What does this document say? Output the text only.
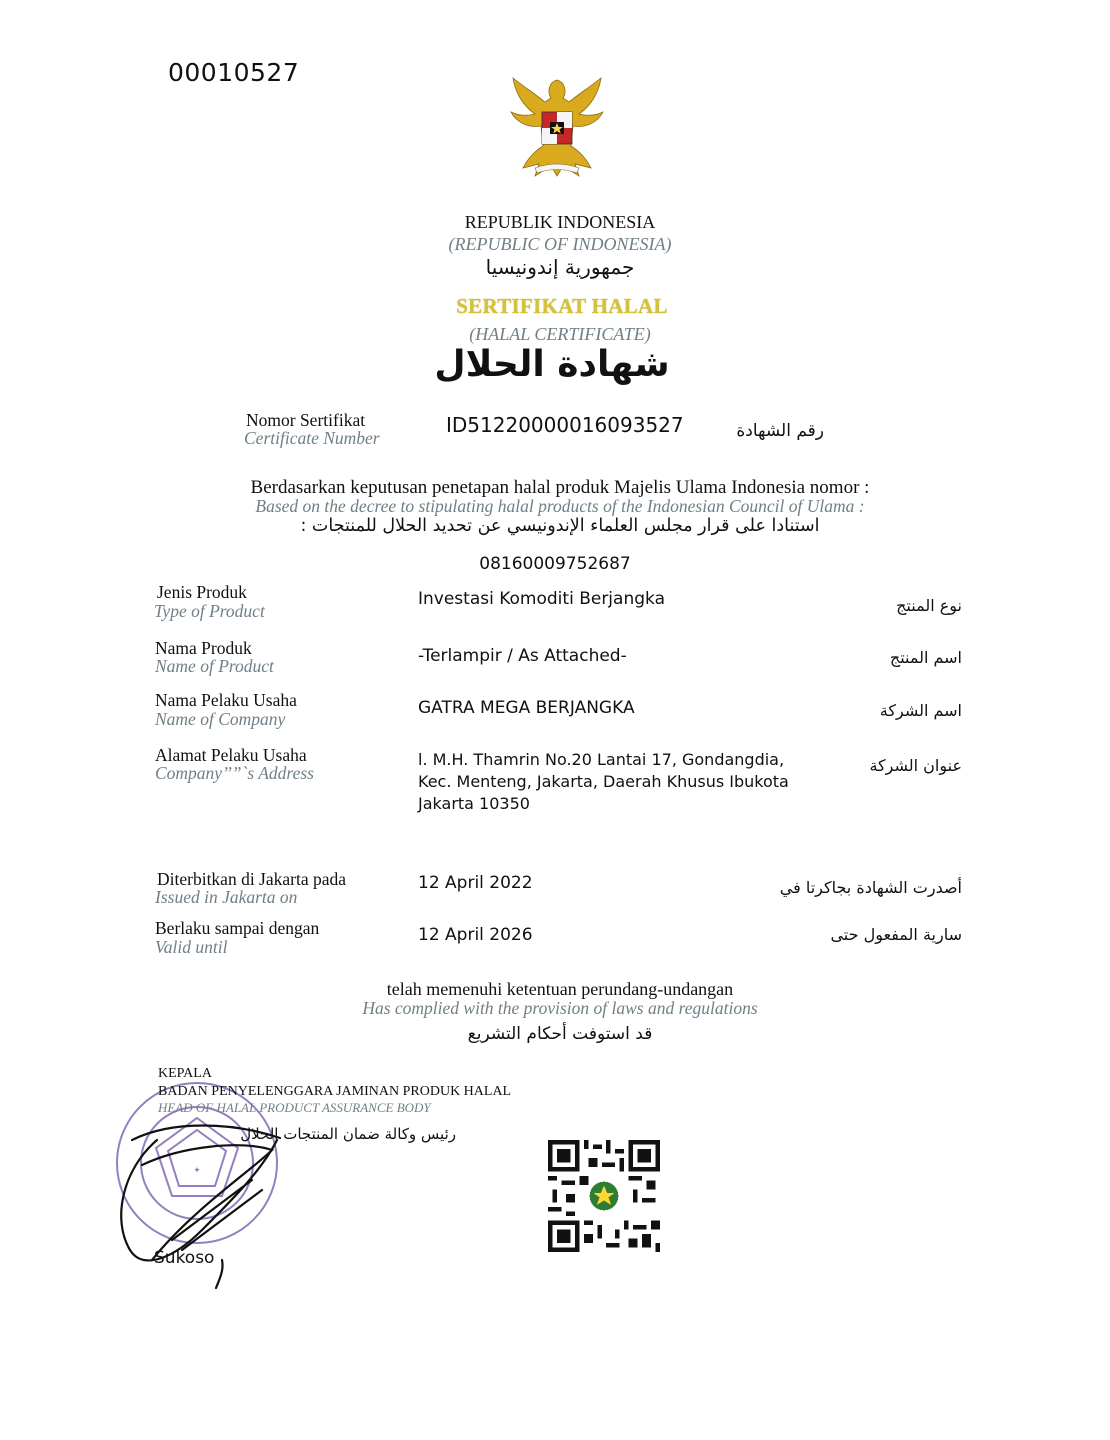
00010527
REPUBLIK INDONESIA
(REPUBLIC OF INDONESIA)
جمهورية إندونيسيا
SERTIFIKAT HALAL
(HALAL CERTIFICATE)
شهادة الحلال
Nomor Sertifikat
Certificate Number
ID51220000016093527	رقم الشهادة
Berdasarkan keputusan penetapan halal produk Majelis Ulama Indonesia nomor :
Based on the decree to stipulating halal products of the Indonesian Council of Ulama :
استنادا على قرار مجلس العلماء الإندونيسي عن تحديد الحلال للمنتجات :
08160009752687
Jenis Produk
Type of Product
Investasi Komoditi Berjangka	نوع المنتج
Nama Produk
Name of Product	-Terlampir / As Attached-	اسم المنتج
Nama Pelaku Usaha
Name of Company
GATRA MEGA BERJANGKA	اسم الشركة
Alamat Pelaku Usaha
Company’’”`s Address
l. M.H. Thamrin No.20 Lantai 17, Gondangdia, Kec. Menteng, Jakarta, Daerah Khusus Ibukota Jakarta 10350
عنوان الشركة
Diterbitkan di Jakarta pada
Issued in Jakarta on
12 April 2022	أصدرت الشهادة بجاكرتا في
Berlaku sampai dengan
Valid until
12 April 2026	سارية المفعول حتى
telah memenuhi ketentuan perundang-undangan
Has complied with the provision of laws and regulations
قد استوفت أحكام التشريع
✦
KEPALA
BADAN PENYELENGGARA JAMINAN PRODUK HALAL
HEAD OF HALAL PRODUCT ASSURANCE BODY
رئيس وكالة ضمان المنتجات الحلال
Sukoso
